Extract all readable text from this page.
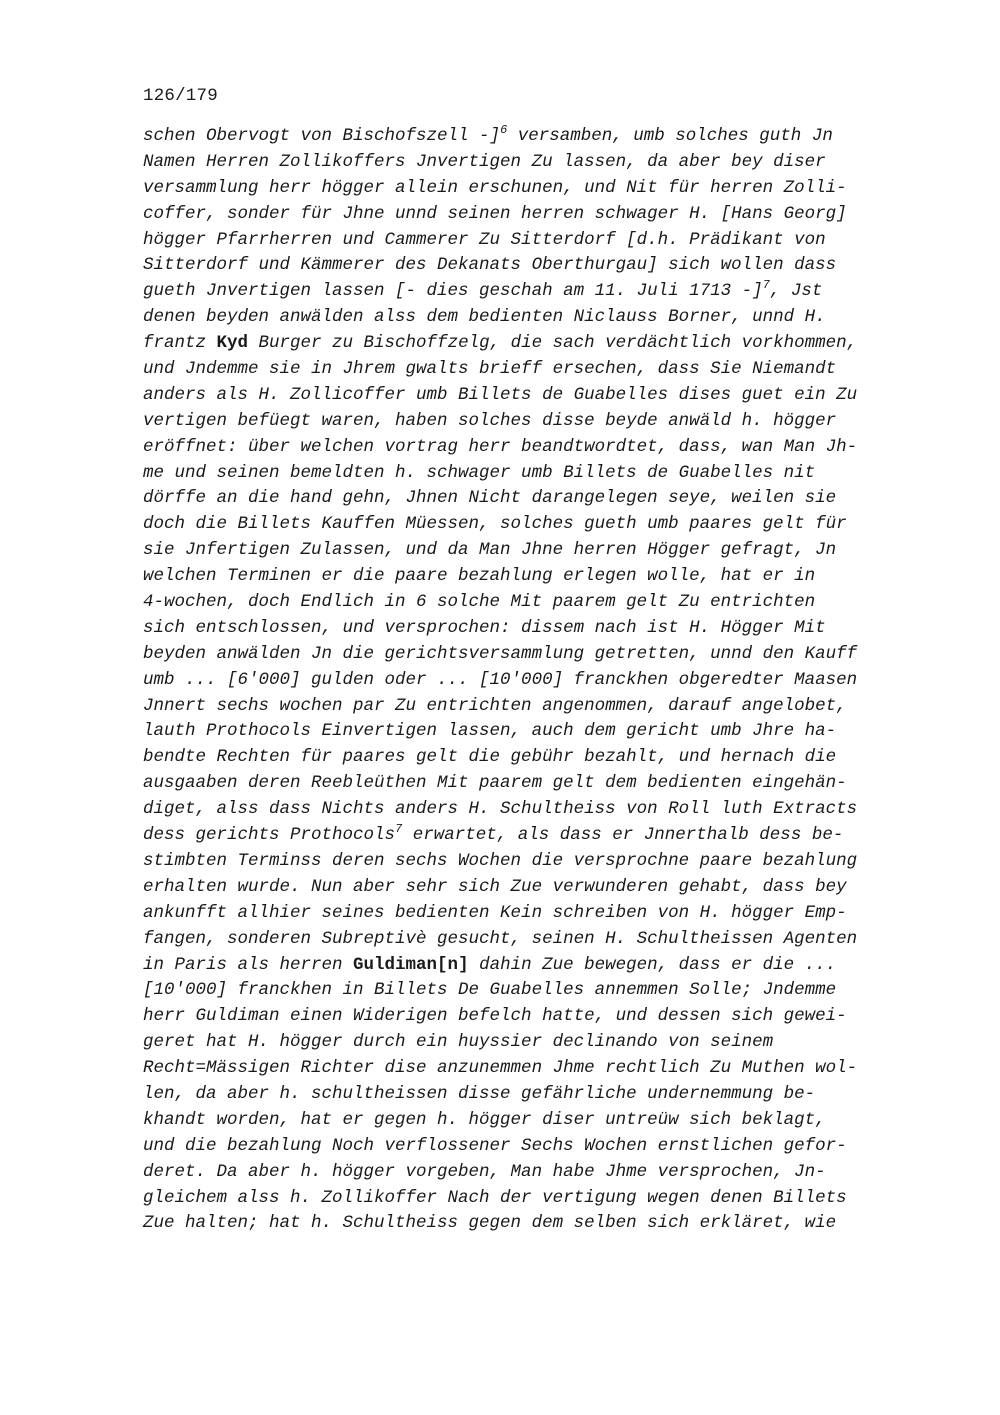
126/179
schen Obervogt von Bischofszell -]$^6$ versamben, umb solches guth Jn
Namen Herren Zollikoffers Jnvertigen Zu lassen, da aber bey diser
versammlung herr högger allein erschunen, und Nit für herren Zolli-
coffer, sonder für Jhne unnd seinen herren schwager H. [Hans Georg]
högger Pfarrherren und Cammerer Zu Sitterdorf [d.h. Prädikant von
Sitterdorf und Kämmerer des Dekanats Oberthurgau] sich wollen dass
gueth Jnvertigen lassen [- dies geschah am 11. Juli 1713 -]$^7$, Jst
denen beyden anwälden alss dem bedienten Niclauss Borner, unnd H.
frantz Kyd Burger zu Bischoffzelg, die sach verdächtlich vorkhommen,
und Jndemme sie in Jhrem gwalts brieff ersechen, dass Sie Niemandt
anders als H. Zollicoffer umb Billets de Guabelles dises guet ein Zu
vertigen befüegt waren, haben solches disse beyde anwäld h. högger
eröffnet: über welchen vortrag herr beandtwordtet, dass, wan Man Jh-
me und seinen bemeldten h. schwager umb Billets de Guabelles nit
dörffe an die hand gehn, Jhnen Nicht darangelegen seye, weilen sie
doch die Billets Kauffen Müessen, solches gueth umb paares gelt für
sie Jnfertigen Zulassen, und da Man Jhne herren Högger gefragt, Jn
welchen Terminen er die paare bezahlung erlegen wolle, hat er in
4-wochen, doch Endlich in 6 solche Mit paarem gelt Zu entrichten
sich entschlossen, und versprochen: dissem nach ist H. Högger Mit
beyden anwälden Jn die gerichtsversammlung getretten, unnd den Kauff
umb ... [6'000] gulden oder ... [10'000] franckhen obgeredter Maasen
Jnnert sechs wochen par Zu entrichten angenommen, darauf angelobet,
lauth Prothocols Einvertigen lassen, auch dem gericht umb Jhre ha-
bendte Rechten für paares gelt die gebühr bezahlt, und hernach die
ausgaaben deren Reebleüthen Mit paarem gelt dem bedienten eingehän-
diget, alss dass Nichts anders H. Schultheiss von Roll luth Extracts
dess gerichts Prothocols$^7$ erwartet, als dass er Jnnerthalb dess be-
stimbten Terminss deren sechs Wochen die versprochne paare bezahlung
erhalten wurde. Nun aber sehr sich Zue verwunderen gehabt, dass bey
ankunfft allhier seines bedienten Kein schreiben von H. högger Emp-
fangen, sonderen Subreptivè gesucht, seinen H. Schultheissen Agenten
in Paris als herren Guldiman[n] dahin Zue bewegen, dass er die ...
[10'000] franckhen in Billets De Guabelles annemmen Solle; Jndemme
herr Guldiman einen Widerigen befelch hatte, und dessen sich gewei-
geret hat H. högger durch ein huyssier declinando von seinem
Recht=Mässigen Richter dise anzunemmen Jhme rechtlich Zu Muthen wol-
len, da aber h. schultheissen disse gefährliche undernemmung be-
khandt worden, hat er gegen h. högger diser untreüw sich beklagt,
und die bezahlung Noch verflossener Sechs Wochen ernstlichen gefor-
deret. Da aber h. högger vorgeben, Man habe Jhme versprochen, Jn-
gleichem alss h. Zollikoffer Nach der vertigung wegen denen Billets
Zue halten; hat h. Schultheiss gegen dem selben sich erkläret, wie
